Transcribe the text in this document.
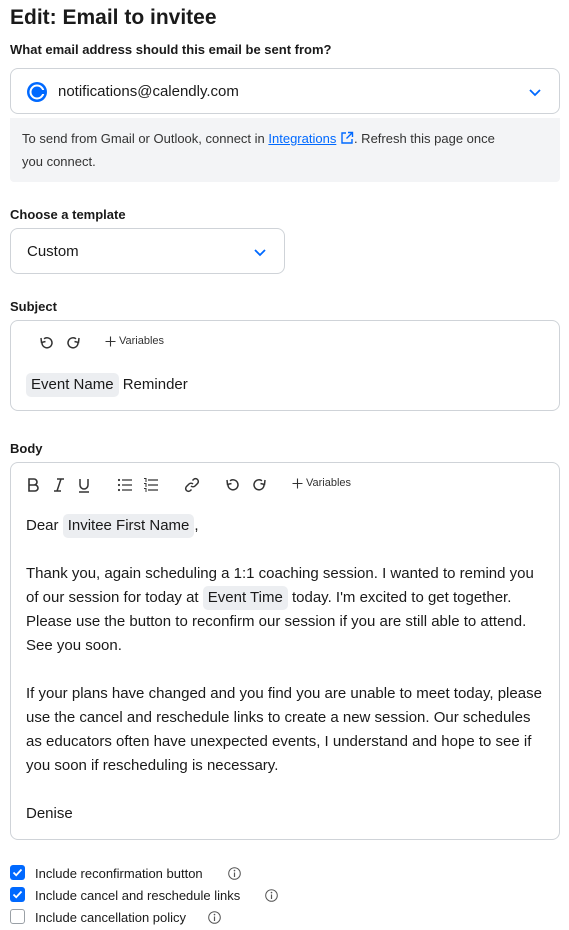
Edit: Email to invitee
What email address should this email be sent from?
notifications@calendly.com
To send from Gmail or Outlook, connect in Integrations . Refresh this page once
you connect.
Choose a template
Custom
Subject
Variables
Event Name Reminder
Body
Variables

Dear Invitee First Name ,

Thank you, again scheduling a 1:1 coaching session. I wanted to remind you of our session for today at Event Time today. I'm excited to get together. Please use the button to reconfirm our session if you are still able to attend. See you soon.

If your plans have changed and you find you are unable to meet today, please use the cancel and reschedule links to create a new session. Our schedules as educators often have unexpected events, I understand and hope to see if you soon if rescheduling is necessary.

Denise

Include reconfirmation button
Include cancel and reschedule links
Include cancellation policy
